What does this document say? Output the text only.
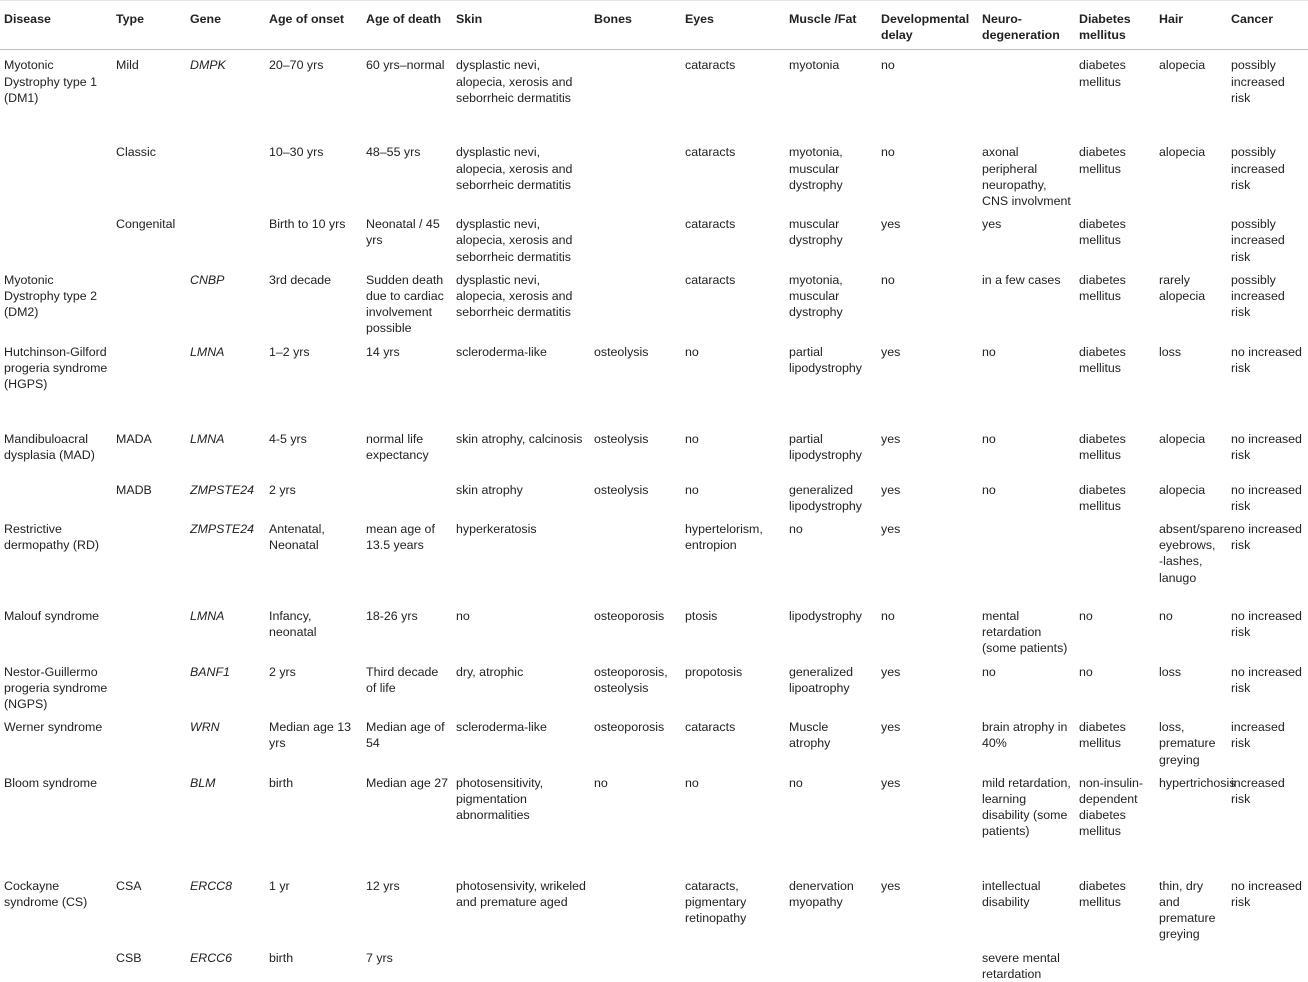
Disease	Type	Gene	Age of onset	Age of death	Skin	Bones	Eyes	Muscle /Fat	Developmental delay	Neuro-degeneration	Diabetes mellitus	Hair	Cancer
Myotonic Dystrophy type 1 (DM1)	Mild	DMPK	20–70 yrs	60 yrs–normal	dysplastic nevi, alopecia, xerosis and seborrheic dermatitis		cataracts	myotonia	no		diabetes mellitus	alopecia	possibly increased risk
	Classic		10–30 yrs	48–55 yrs	dysplastic nevi, alopecia, xerosis and seborrheic dermatitis		cataracts	myotonia, muscular dystrophy	no	axonal peripheral neuropathy, CNS involvment	diabetes mellitus	alopecia	possibly increased risk
	Congenital		Birth to 10 yrs	Neonatal / 45 yrs	dysplastic nevi, alopecia, xerosis and seborrheic dermatitis		cataracts	muscular dystrophy	yes	yes	diabetes mellitus		possibly increased risk
Myotonic Dystrophy type 2 (DM2)		CNBP	3rd decade	Sudden death due to cardiac involvement possible	dysplastic nevi, alopecia, xerosis and seborrheic dermatitis		cataracts	myotonia, muscular dystrophy	no	in a few cases	diabetes mellitus	rarely alopecia	possibly increased risk
Hutchinson-Gilford progeria syndrome (HGPS)		LMNA	1–2 yrs	14 yrs	scleroderma-like	osteolysis	no	partial lipodystrophy	yes	no	diabetes mellitus	loss	no increased risk
Mandibuloacral dysplasia (MAD)	MADA	LMNA	4-5 yrs	normal life expectancy	skin atrophy, calcinosis	osteolysis	no	partial lipodystrophy	yes	no	diabetes mellitus	alopecia	no increased risk
	MADB	ZMPSTE24	2 yrs		skin atrophy	osteolysis	no	generalized lipodystrophy	yes	no	diabetes mellitus	alopecia	no increased risk
Restrictive dermopathy (RD)		ZMPSTE24	Antenatal, Neonatal	mean age of 13.5 years	hyperkeratosis		hypertelorism, entropion	no	yes			absent/spare eyebrows, -lashes, lanugo	no increased risk
Malouf syndrome		LMNA	Infancy, neonatal	18-26 yrs	no	osteoporosis	ptosis	lipodystrophy	no	mental retardation (some patients)	no	no	no increased risk
Nestor-Guillermo progeria syndrome (NGPS)		BANF1	2 yrs	Third decade of life	dry, atrophic	osteoporosis, osteolysis	propotosis	generalized lipoatrophy	yes	no	no	loss	no increased risk
Werner syndrome		WRN	Median age 13 yrs	Median age of 54	scleroderma-like	osteoporosis	cataracts	Muscle atrophy	yes	brain atrophy in 40%	diabetes mellitus	loss, premature greying	increased risk
Bloom syndrome		BLM	birth	Median age 27	photosensitivity, pigmentation abnormalities	no	no	no	yes	mild retardation, learning disability (some patients)	non-insulin-dependent diabetes mellitus	hypertrichosis	increased risk
Cockayne syndrome (CS)	CSA	ERCC8	1 yr	12 yrs	photosensivity, wrikeled and premature aged		cataracts, pigmentary retinopathy	denervation myopathy	yes	intellectual disability	diabetes mellitus	thin, dry and premature greying	no increased risk
	CSB	ERCC6	birth	7 yrs						severe mental retardation			
